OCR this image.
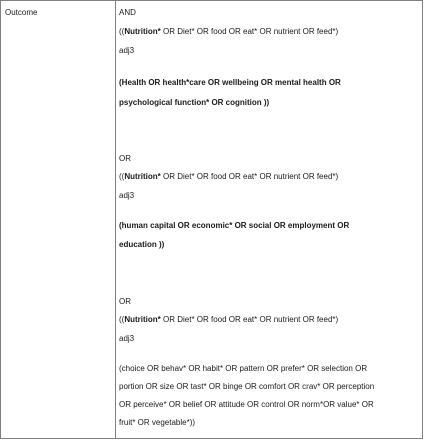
Outcome	AND
((Nutrition* OR Diet* OR food OR eat* OR nutrient OR feed*)
adj3
(Health OR health*care OR wellbeing OR mental health OR
psychological function* OR cognition ))
OR
((Nutrition* OR Diet* OR food OR eat* OR nutrient OR feed*)
adj3
(human capital OR economic* OR social OR employment OR
education ))
OR
((Nutrition* OR Diet* OR food OR eat* OR nutrient OR feed*)
adj3
(choice OR behav* OR habit* OR pattern OR prefer* OR selection OR
portion OR size OR tast* OR binge OR comfort OR crav* OR perception
OR perceive* OR belief OR attitude OR control OR norm*OR value* OR
fruit* OR vegetable*))
